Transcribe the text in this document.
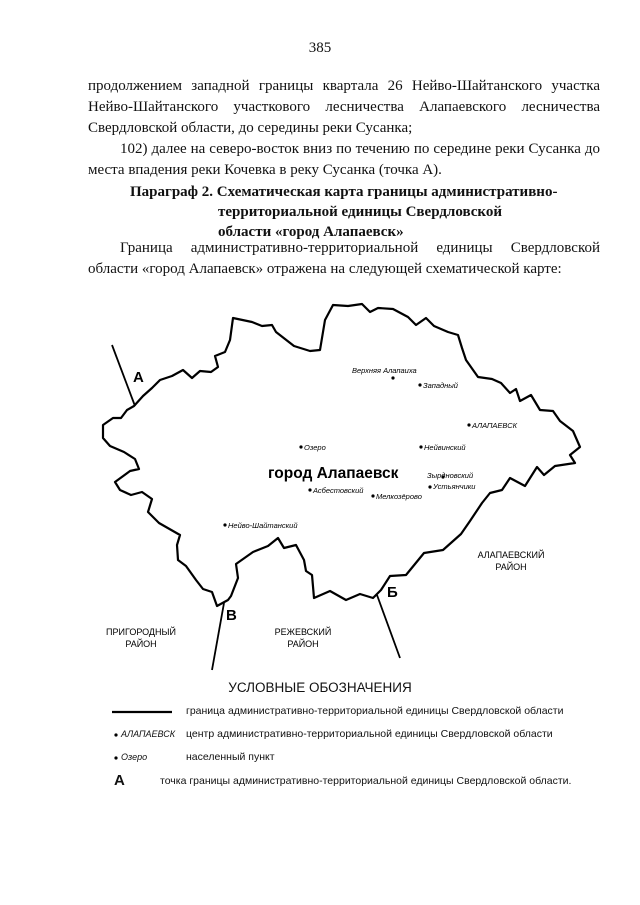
385
продолжением западной границы квартала 26 Нейво-Шайтанского участка Нейво-Шайтанского участкового лесничества Алапаевского лесничества Свердловской области, до середины реки Сусанка;
102) далее на северо-восток вниз по течению по середине реки Сусанка до места впадения реки Кочевка в реку Сусанка (точка А).
Параграф 2. Схематическая карта границы административно-
территориальной единицы Свердловской
области «город Алапаевск»
Граница административно-территориальной единицы Свердловской области «город Алапаевск» отражена на следующей схематической карте:
А
В
Б
город Алапаевск
Верхняя Алапаиха
Западный
АЛАПАЕВСК
Озеро	Нейвинский
Зырдновский
Устьянчики
Асбестовский
Мелкозёрово
Нейво-Шайтанский
АЛАПАЕВСКИЙ
РАЙОН
ПРИГОРОДНЫЙ
РАЙОН
РЕЖЕВСКИЙ
РАЙОН
УСЛОВНЫЕ ОБОЗНАЧЕНИЯ
граница административно-территориальной единицы Свердловской области
АЛАПАЕВСК центр административно-территориальной единицы Свердловской области
Озеро	населенный пункт
А	точка границы административно-территориальной единицы Свердловской области.
